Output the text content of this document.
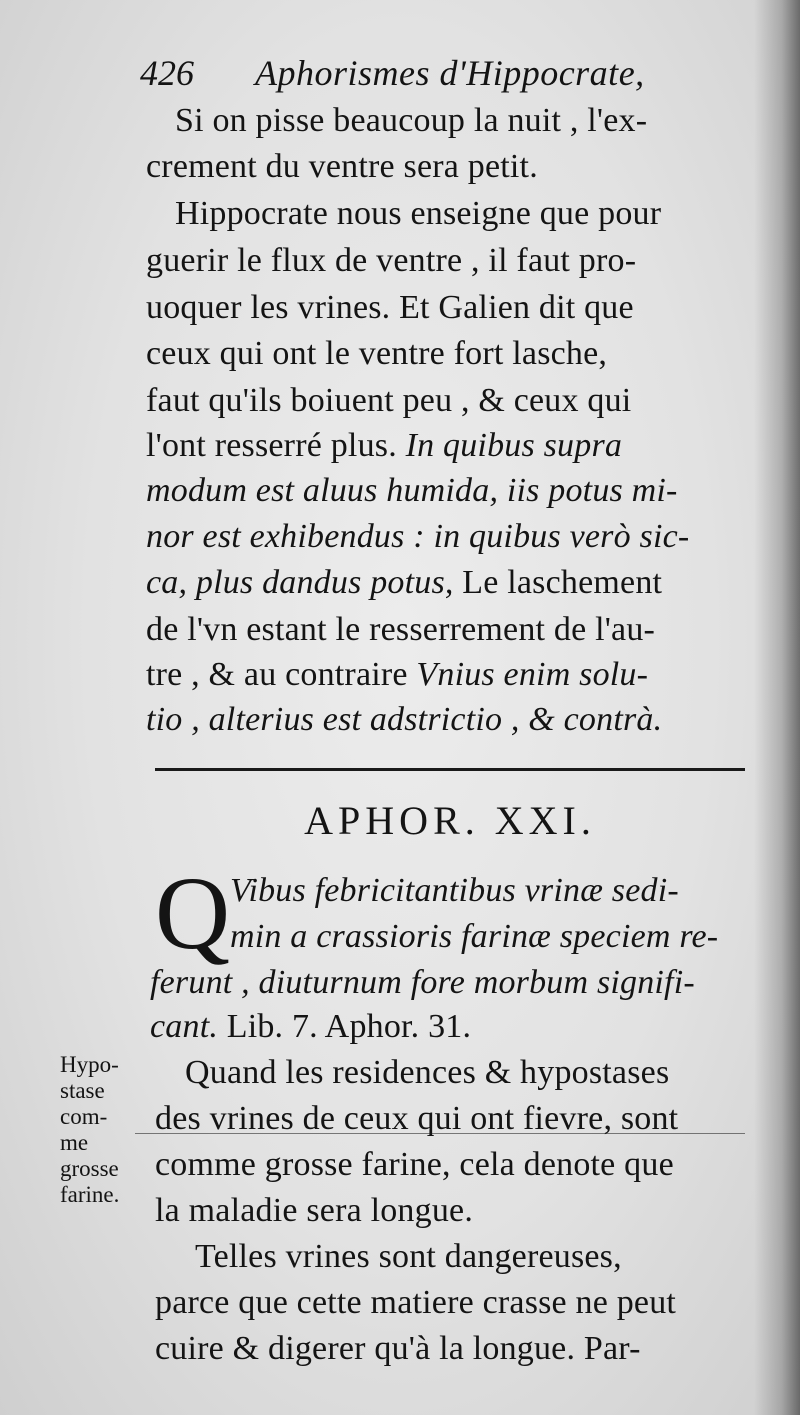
426 Aphorismes d'Hippocrate,
Si on pisse beaucoup la nuit , l'ex-
crement du ventre sera petit.
Hippocrate nous enseigne que pour
guerir le flux de ventre , il faut pro-
uoquer les vrines. Et Galien dit que
ceux qui ont le ventre fort lasche,
faut qu'ils boiuent peu , & ceux qui
l'ont resserré plus. In quibus supra
modum est aluus humida, iis potus mi-
nor est exhibendus : in quibus verò sic-
ca, plus dandus potus, Le laschement
de l'vn estant le resserrement de l'au-
tre , & au contraire Vnius enim solu-
tio , alterius est adstrictio , & contrà.
APHOR. XXI.
Q Vibus febricitantibus vrinæ sedi-
min a crassioris farinæ speciem re-
ferunt , diuturnum fore morbum signifi-
cant. Lib. 7. Aphor. 31.
Quand les residences & hypostases
des vrines de ceux qui ont fievre, sont
comme grosse farine, cela denote que
la maladie sera longue.
Telles vrines sont dangereuses,
parce que cette matiere crasse ne peut
cuire & digerer qu'à la longue. Par-
Hypo-
stase
com-
me
grosse
farine.
